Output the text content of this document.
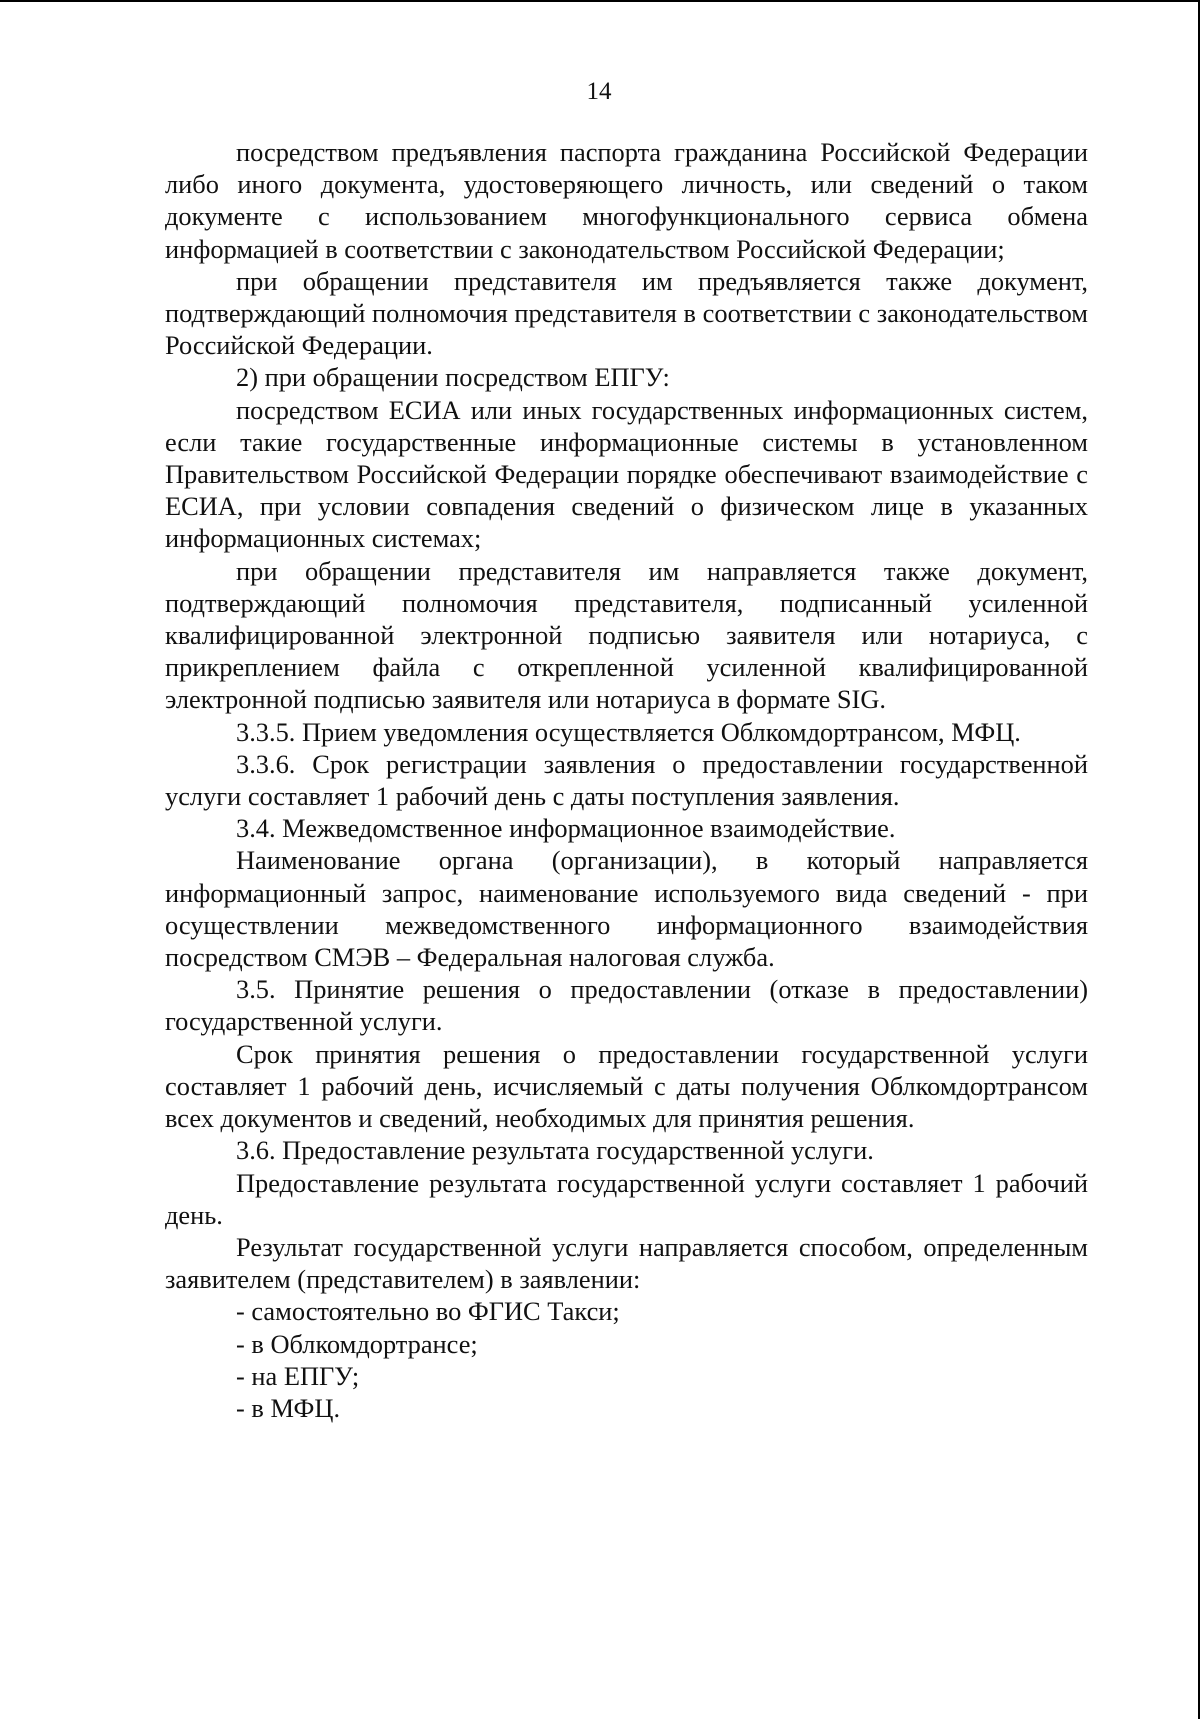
14

посредством предъявления паспорта гражданина Российской Федерации либо иного документа, удостоверяющего личность, или сведений о таком документе с использованием многофункционального сервиса обмена информацией в соответствии с законодательством Российской Федерации;

при обращении представителя им предъявляется также документ, подтверждающий полномочия представителя в соответствии с законодательством Российской Федерации.

2) при обращении посредством ЕПГУ:

посредством ЕСИА или иных государственных информационных систем, если такие государственные информационные системы в установленном Правительством Российской Федерации порядке обеспечивают взаимодействие с ЕСИА, при условии совпадения сведений о физическом лице в указанных информационных системах;

при обращении представителя им направляется также документ, подтверждающий полномочия представителя, подписанный усиленной квалифицированной электронной подписью заявителя или нотариуса, с прикреплением файла с открепленной усиленной квалифицированной электронной подписью заявителя или нотариуса в формате SIG.

3.3.5. Прием уведомления осуществляется Облкомдортрансом, МФЦ.

3.3.6. Срок регистрации заявления о предоставлении государственной услуги составляет 1 рабочий день с даты поступления заявления.

3.4. Межведомственное информационное взаимодействие.

Наименование органа (организации), в который направляется информационный запрос, наименование используемого вида сведений - при осуществлении межведомственного информационного взаимодействия посредством СМЭВ – Федеральная налоговая служба.

3.5. Принятие решения о предоставлении (отказе в предоставлении) государственной услуги.

Срок принятия решения о предоставлении государственной услуги составляет 1 рабочий день, исчисляемый с даты получения Облкомдортрансом всех документов и сведений, необходимых для принятия решения.

3.6. Предоставление результата государственной услуги.

Предоставление результата государственной услуги составляет 1 рабочий день.

Результат государственной услуги направляется способом, определенным заявителем (представителем) в заявлении:

- самостоятельно во ФГИС Такси;

- в Облкомдортрансе;

- на ЕПГУ;

- в МФЦ.
